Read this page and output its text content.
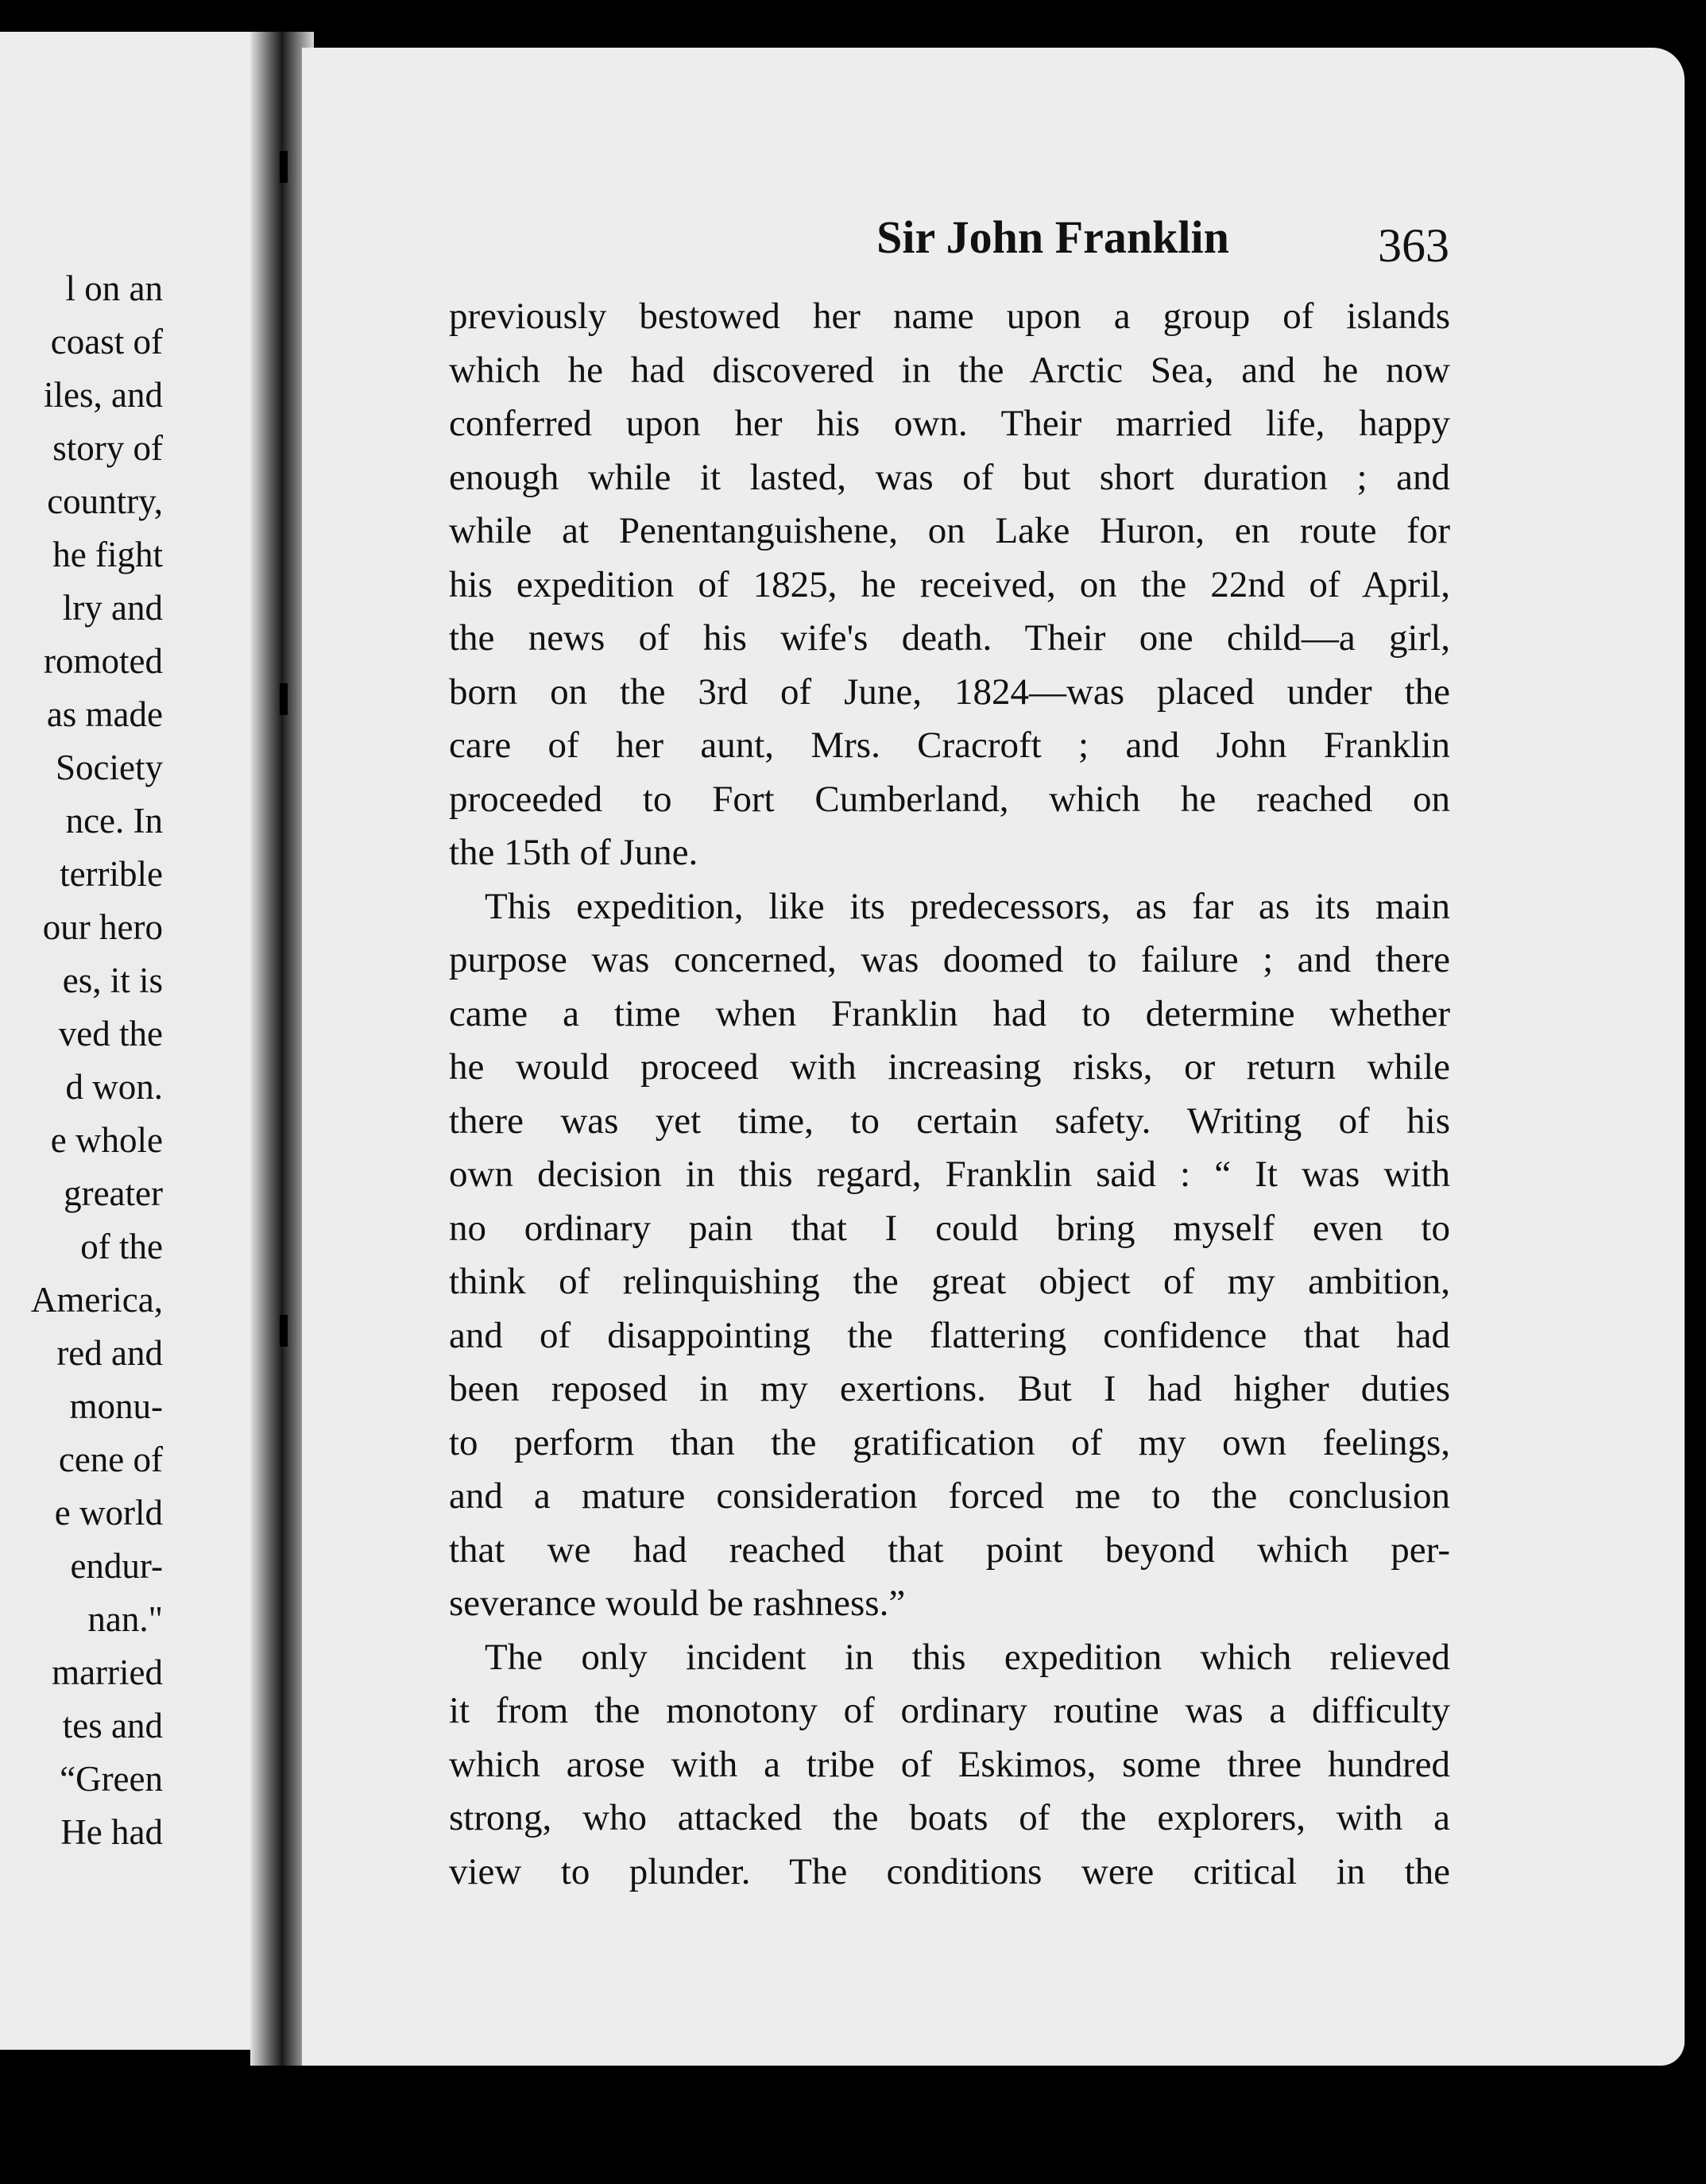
l on an
coast of
iles, and
story of
country,
he fight
lry and
romoted
as made
Society
nce. In
terrible
our hero
es, it is
ved the
d won.
e whole
greater
of the
America,
red and
monu-
cene of
e world
endur-
nan."
married
tes and
“Green
He had
Sir John Franklin	363
previously bestowed her name upon a group of islands
which he had discovered in the Arctic Sea, and he now
conferred upon her his own. Their married life, happy
enough while it lasted, was of but short duration ; and
while at Penentanguishene, on Lake Huron, en route for
his expedition of 1825, he received, on the 22nd of April,
the news of his wife's death. Their one child—a girl,
born on the 3rd of June, 1824—was placed under the
care of her aunt, Mrs. Cracroft ; and John Franklin
proceeded to Fort Cumberland, which he reached on
the 15th of June.
This expedition, like its predecessors, as far as its main
purpose was concerned, was doomed to failure ; and there
came a time when Franklin had to determine whether
he would proceed with increasing risks, or return while
there was yet time, to certain safety. Writing of his
own decision in this regard, Franklin said : “ It was with
no ordinary pain that I could bring myself even to
think of relinquishing the great object of my ambition,
and of disappointing the flattering confidence that had
been reposed in my exertions. But I had higher duties
to perform than the gratification of my own feelings,
and a mature consideration forced me to the conclusion
that we had reached that point beyond which per-
severance would be rashness.”
The only incident in this expedition which relieved
it from the monotony of ordinary routine was a difficulty
which arose with a tribe of Eskimos, some three hundred
strong, who attacked the boats of the explorers, with a
view to plunder. The conditions were critical in the
